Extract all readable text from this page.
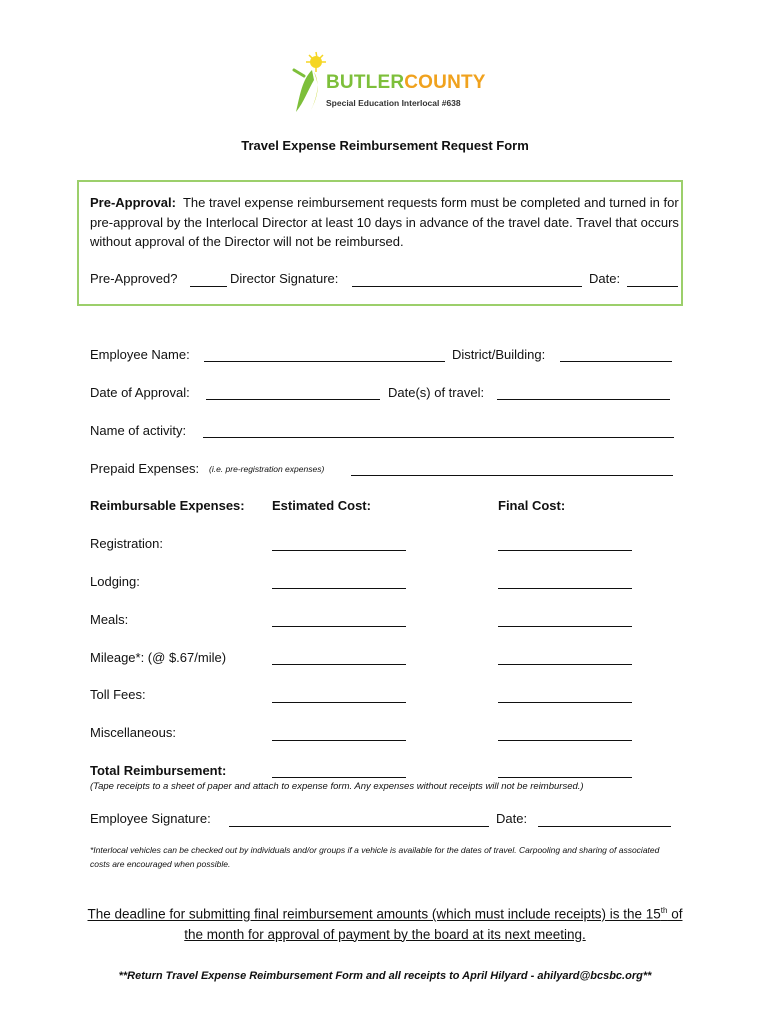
BUTLERCOUNTY
Special Education Interlocal #638
Travel Expense Reimbursement Request Form
Pre-Approval: The travel expense reimbursement requests form must be completed and turned in for pre-approval by the Interlocal Director at least 10 days in advance of the travel date. Travel that occurs without approval of the Director will not be reimbursed.
Pre-Approved?	Director Signature:	Date:
Employee Name:	District/Building:
Date of Approval:	Date(s) of travel:
Name of activity:
Prepaid Expenses: (i.e. pre-registration expenses)
Reimbursable Expenses: Estimated Cost:	Final Cost:
Registration:
Lodging:
Meals:
Mileage*: (@ $.67/mile)
Toll Fees:
Miscellaneous:
Total Reimbursement:
(Tape receipts to a sheet of paper and attach to expense form. Any expenses without receipts will not be reimbursed.)
Employee Signature:	Date:
*Interlocal vehicles can be checked out by individuals and/or groups if a vehicle is available for the dates of travel. Carpooling and sharing of associated costs are encouraged when possible.
The deadline for submitting final reimbursement amounts (which must include receipts) is the 15th of the month for approval of payment by the board at its next meeting.
**Return Travel Expense Reimbursement Form and all receipts to April Hilyard - ahilyard@bcsbc.org**
